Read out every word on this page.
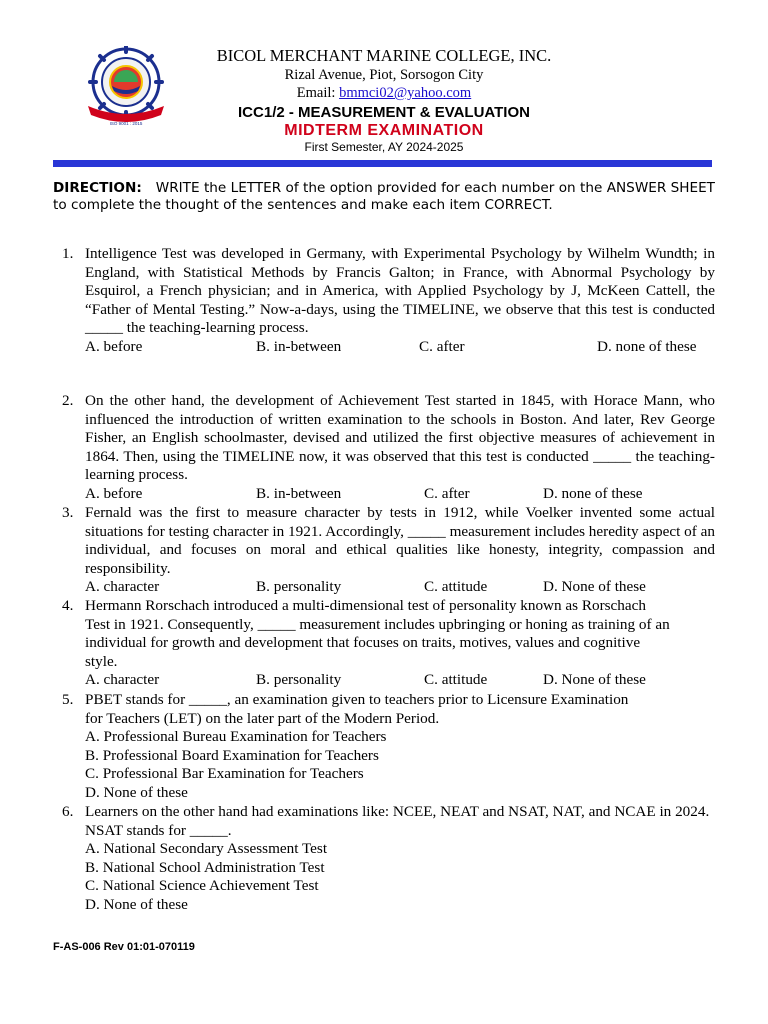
ISO 9001 : 2015
BICOL MERCHANT MARINE COLLEGE, INC.
Rizal Avenue, Piot, Sorsogon City
Email: bmmci02@yahoo.com
ICC1/2 - MEASUREMENT & EVALUATION
MIDTERM EXAMINATION
First Semester, AY 2024-2025
DIRECTION: WRITE the LETTER of the option provided for each number on the ANSWER SHEET to complete the thought of the sentences and make each item CORRECT.
1. Intelligence Test was developed in Germany, with Experimental Psychology by Wilhelm Wundth; in England, with Statistical Methods by Francis Galton; in France, with Abnormal Psychology by Esquirol, a French physician; and in America, with Applied Psychology by J, McKeen Cattell, the “Father of Mental Testing.” Now-a-days, using the TIMELINE, we observe that this test is conducted _____ the teaching-learning process.

A. before	B. in-between	C. after	D. none of these
2. On the other hand, the development of Achievement Test started in 1845, with Horace Mann, who influenced the introduction of written examination to the schools in Boston. And later, Rev George Fisher, an English schoolmaster, devised and utilized the first objective measures of achievement in 1864. Then, using the TIMELINE now, it was observed that this test is conducted _____ the teaching-learning process.

A. before	B. in-between	C. after	D. none of these
3. Fernald was the first to measure character by tests in 1912, while Voelker invented some actual situations for testing character in 1921. Accordingly, _____ measurement includes heredity aspect of an individual, and focuses on moral and ethical qualities like honesty, integrity, compassion and responsibility.

A. character	B. personality	C. attitude	D. None of these
4. Hermann Rorschach introduced a multi-dimensional test of personality known as Rorschach Test in 1921. Consequently, _____ measurement includes upbringing or honing as training of an individual for growth and development that focuses on traits, motives, values and cognitive style.

A. character	B. personality	C. attitude	D. None of these
5. PBET stands for _____, an examination given to teachers prior to Licensure Examination for Teachers (LET) on the later part of the Modern Period.

A. Professional Bureau Examination for Teachers
B. Professional Board Examination for Teachers
C. Professional Bar Examination for Teachers
D. None of these
6. Learners on the other hand had examinations like: NCEE, NEAT and NSAT, NAT, and NCAE in 2024. NSAT stands for _____.

A. National Secondary Assessment Test
B. National School Administration Test
C. National Science Achievement Test
D. None of these
F-AS-006 Rev 01:01-070119
